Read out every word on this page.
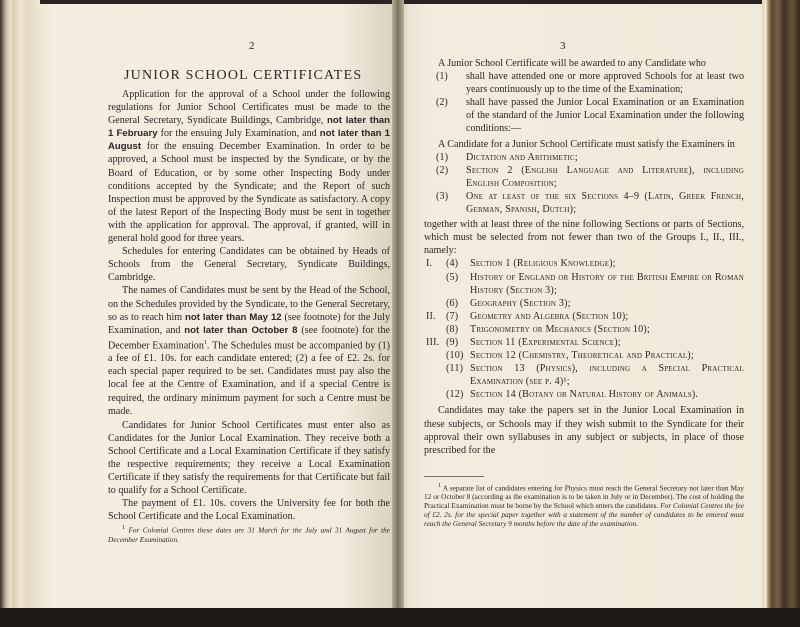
2
JUNIOR SCHOOL CERTIFICATES

Application for the approval of a School under the following regulations for Junior School Certificates must be made to the General Secretary, Syndicate Buildings, Cambridge, not later than 1 February for the ensuing July Examination, and not later than 1 August for the ensuing December Examination. In order to be approved, a School must be inspected by the Syndicate, or by the Board of Education, or by some other Inspecting Body under conditions accepted by the Syndicate; and the Report of such Inspection must be approved by the Syndicate as satisfactory. A copy of the latest Report of the Inspecting Body must be sent in together with the application for approval. The approval, if granted, will in general hold good for three years.

Schedules for entering Candidates can be obtained by Heads of Schools from the General Secretary, Syndicate Buildings, Cambridge.

The names of Candidates must be sent by the Head of the School, on the Schedules provided by the Syndicate, to the General Secretary, so as to reach him not later than May 12 (see footnote) for the July Examination, and not later than October 8 (see footnote) for the December Examination$^1$. The Schedules must be accompanied by (1) a fee of £1. 10s. for each candidate entered; (2) a fee of £2. 2s. for each special paper required to be set. Candidates must pay also the local fee at the Centre of Examination, and if a special Centre is required, the ordinary minimum payment for such a Centre must be made.

Candidates for Junior School Certificates must enter also as Candidates for the Junior Local Examination. They receive both a School Certificate and a Local Examination Certificate if they satisfy the respective requirements; they receive a Local Examination Certificate if they satisfy the requirements for that Certificate but fail to qualify for a School Certificate.

The payment of £1. 10s. covers the University fee for both the School Certificate and the Local Examination.

$^1$ For Colonial Centres these dates are 31 March for the July and 31 August for the December Examination.

3

A Junior School Certificate will be awarded to any Candidate who

(1) shall have attended one or more approved Schools for at least two years continuously up to the time of the Examination;
(2) shall have passed the Junior Local Examination or an Examination of the standard of the Junior Local Examination under the following conditions:—

A Candidate for a Junior School Certificate must satisfy the Examiners in

(1) Dictation and Arithmetic;
(2) Section 2 (English Language and Literature), including English Composition;
(3) One at least of the six Sections 4–9 (Latin, Greek French, German, Spanish, Dutch);

together with at least three of the nine following Sections or parts of Sections, which must be selected from not fewer than two of the Groups I., II., III., namely:

I. (4) Section 1 (Religious Knowledge);
(5) History of England or History of the British Empire or Roman History (Section 3);
(6) Geography (Section 3);
II. (7) Geometry and Algebra (Section 10);
(8) Trigonometry or Mechanics (Section 10);
III. (9) Section 11 (Experimental Science);
(10) Section 12 (Chemistry, Theoretical and Practical);
(11) Section 13 (Physics), including a Special Practical Examination (see p. 4)¹;
(12) Section 14 (Botany or Natural History of Animals).

Candidates may take the papers set in the Junior Local Examination in these subjects, or Schools may if they wish submit to the Syndicate for their approval their own syllabuses in any subject or subjects, in place of those prescribed for the

$^1$ A separate list of candidates entering for Physics must reach the General Secretary not later than May 12 or October 8 (according as the examination is to be taken in July or in December). The cost of holding the Practical Examination must be borne by the School which enters the candidates. For Colonial Centres the fee of £2. 2s. for the special paper together with a statement of the number of candidates to be entered must reach the General Secretary 9 months before the date of the examination.
